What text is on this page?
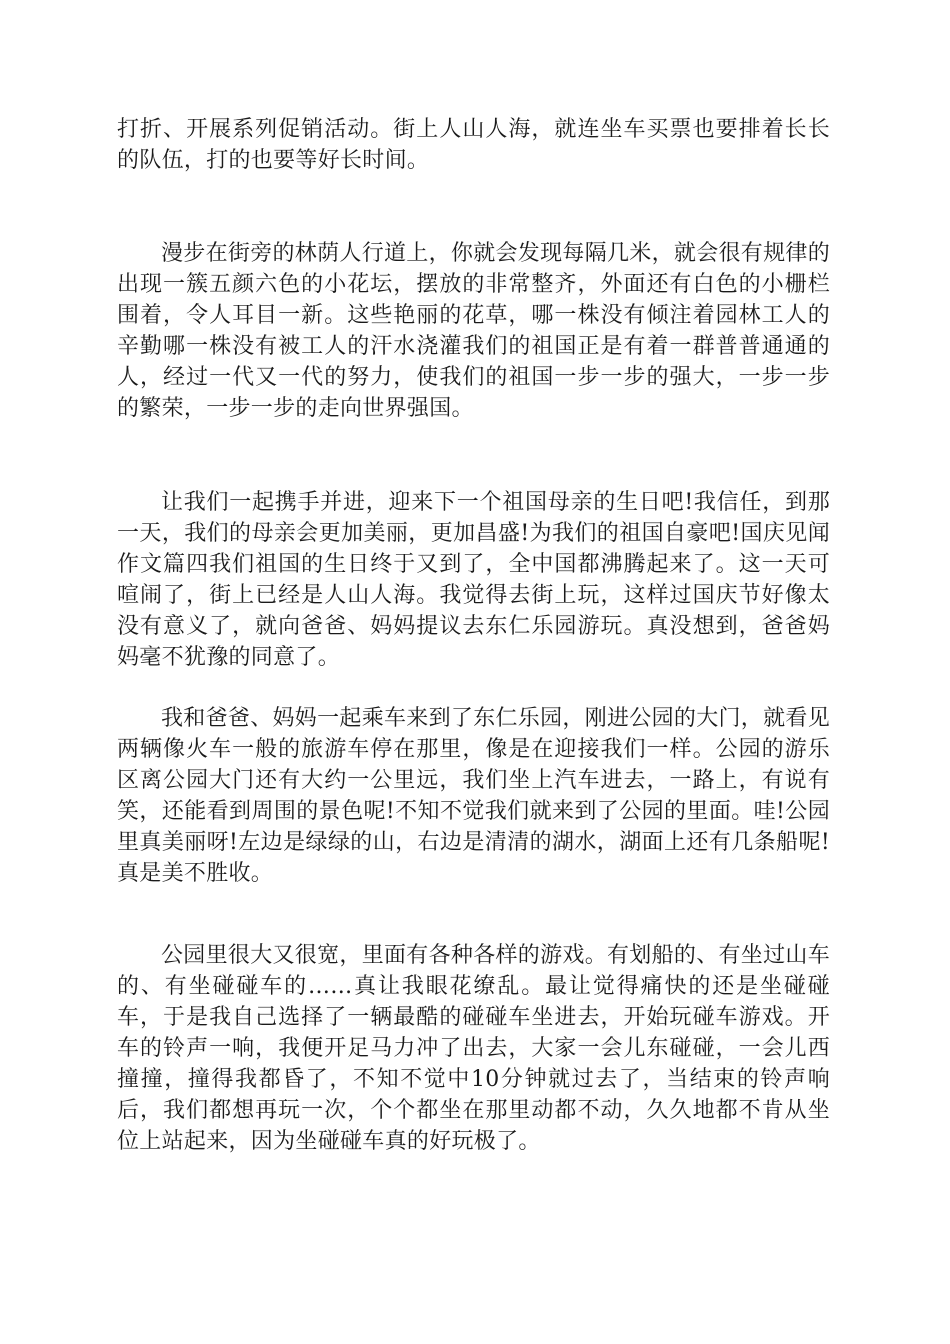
打折、开展系列促销活动。街上人山人海，就连坐车买票也要排着长长的队伍，打的也要等好长时间。

漫步在街旁的林荫人行道上，你就会发现每隔几米，就会很有规律的出现一簇五颜六色的小花坛，摆放的非常整齐，外面还有白色的小栅栏围着，令人耳目一新。这些艳丽的花草，哪一株没有倾注着园林工人的辛勤哪一株没有被工人的汗水浇灌我们的祖国正是有着一群普普通通的人，经过一代又一代的努力，使我们的祖国一步一步的强大，一步一步的繁荣，一步一步的走向世界强国。

让我们一起携手并进，迎来下一个祖国母亲的生日吧!我信任，到那一天，我们的母亲会更加美丽，更加昌盛!为我们的祖国自豪吧!国庆见闻作文篇四我们祖国的生日终于又到了，全中国都沸腾起来了。这一天可喧闹了，街上已经是人山人海。我觉得去街上玩，这样过国庆节好像太没有意义了，就向爸爸、妈妈提议去东仁乐园游玩。真没想到，爸爸妈妈毫不犹豫的同意了。

我和爸爸、妈妈一起乘车来到了东仁乐园，刚进公园的大门，就看见两辆像火车一般的旅游车停在那里，像是在迎接我们一样。公园的游乐区离公园大门还有大约一公里远，我们坐上汽车进去，一路上，有说有笑，还能看到周围的景色呢!不知不觉我们就来到了公园的里面。哇!公园里真美丽呀!左边是绿绿的山，右边是清清的湖水，湖面上还有几条船呢!真是美不胜收。

公园里很大又很宽，里面有各种各样的游戏。有划船的、有坐过山车的、有坐碰碰车的……真让我眼花缭乱。最让觉得痛快的还是坐碰碰车，于是我自己选择了一辆最酷的碰碰车坐进去，开始玩碰车游戏。开车的铃声一响，我便开足马力冲了出去，大家一会儿东碰碰，一会儿西撞撞，撞得我都昏了，不知不觉中10分钟就过去了，当结束的铃声响后，我们都想再玩一次，个个都坐在那里动都不动，久久地都不肯从坐位上站起来，因为坐碰碰车真的好玩极了。
